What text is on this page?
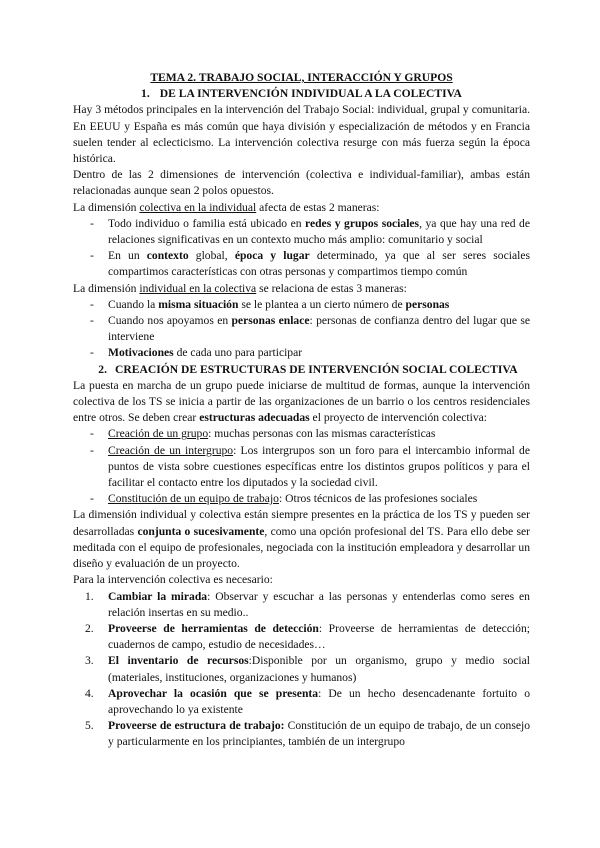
TEMA 2. TRABAJO SOCIAL, INTERACCIÓN Y GRUPOS

1. DE LA INTERVENCIÓN INDIVIDUAL A LA COLECTIVA

Hay 3 métodos principales en la intervención del Trabajo Social: individual, grupal y comunitaria. En EEUU y España es más común que haya división y especialización de métodos y en Francia suelen tender al eclecticismo. La intervención colectiva resurge con más fuerza según la época histórica.

Dentro de las 2 dimensiones de intervención (colectiva e individual-familiar), ambas están relacionadas aunque sean 2 polos opuestos.

La dimensión colectiva en la individual afecta de estas 2 maneras:

-	Todo individuo o familia está ubicado en redes y grupos sociales, ya que hay una red de relaciones significativas en un contexto mucho más amplio: comunitario y social
-	En un contexto global, época y lugar determinado, ya que al ser seres sociales compartimos características con otras personas y compartimos tiempo común

La dimensión individual en la colectiva se relaciona de estas 3 maneras:

-	Cuando la misma situación se le plantea a un cierto número de personas
-	Cuando nos apoyamos en personas enlace: personas de confianza dentro del lugar que se interviene
-	Motivaciones de cada uno para participar
2. CREACIÓN DE ESTRUCTURAS DE INTERVENCIÓN SOCIAL COLECTIVA

La puesta en marcha de un grupo puede iniciarse de multitud de formas, aunque la intervención colectiva de los TS se inicia a partir de las organizaciones de un barrio o los centros residenciales entre otros. Se deben crear estructuras adecuadas el proyecto de intervención colectiva:

-	Creación de un grupo: muchas personas con las mismas características
-	Creación de un intergrupo: Los intergrupos son un foro para el intercambio informal de puntos de vista sobre cuestiones específicas entre los distintos grupos políticos y para el facilitar el contacto entre los diputados y la sociedad civil.
-	Constitución de un equipo de trabajo: Otros técnicos de las profesiones sociales

La dimensión individual y colectiva están siempre presentes en la práctica de los TS y pueden ser desarrolladas conjunta o sucesivamente, como una opción profesional del TS. Para ello debe ser meditada con el equipo de profesionales, negociada con la institución empleadora y desarrollar un diseño y evaluación de un proyecto.

Para la intervención colectiva es necesario:

1.	Cambiar la mirada: Observar y escuchar a las personas y entenderlas como seres en relación insertas en su medio..
2.	Proveerse de herramientas de detección: Proveerse de herramientas de detección; cuadernos de campo, estudio de necesidades…
3.	El inventario de recursos:Disponible por un organismo, grupo y medio social (materiales, instituciones, organizaciones y humanos)
4.	Aprovechar la ocasión que se presenta: De un hecho desencadenante fortuito o aprovechando lo ya existente
5.	Proveerse de estructura de trabajo: Constitución de un equipo de trabajo, de un consejo y particularmente en los principiantes, también de un intergrupo
